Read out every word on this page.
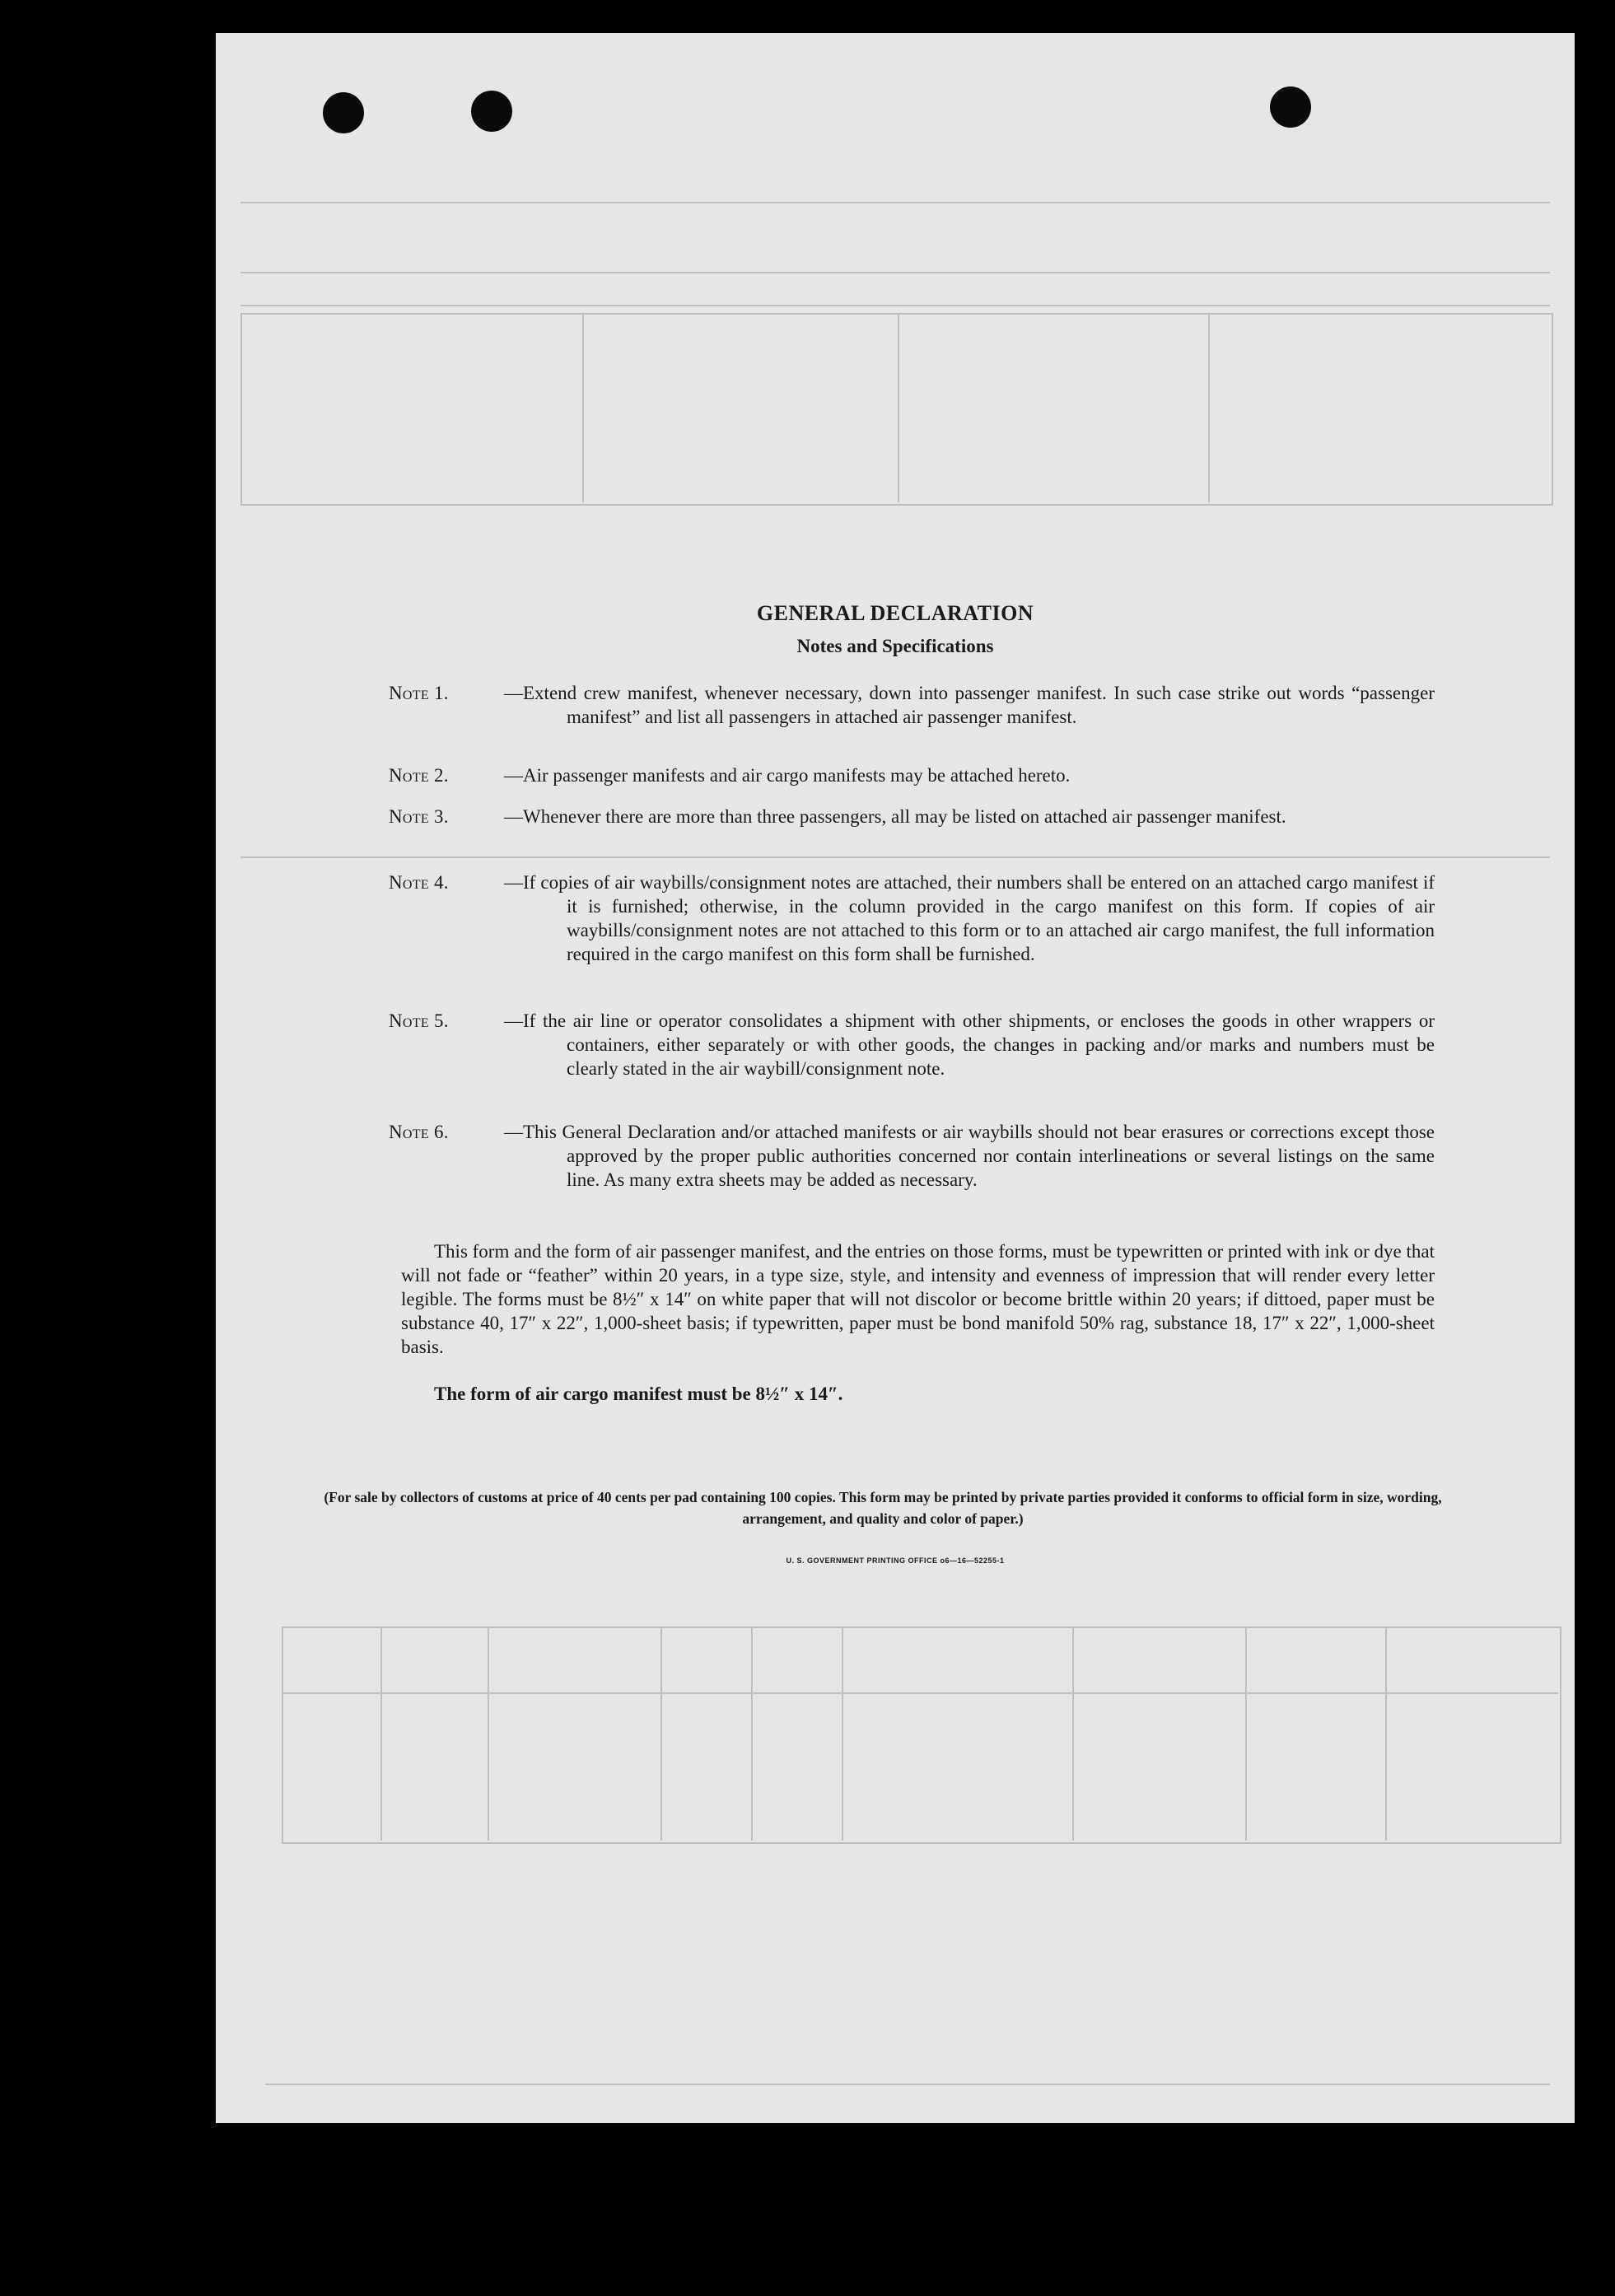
GENERAL DECLARATION
Notes and Specifications
Note 1.	—Extend crew manifest, whenever necessary, down into passenger manifest. In such case strike out words “passenger manifest” and list all passengers in attached air passenger manifest.
Note 2.	—Air passenger manifests and air cargo manifests may be attached hereto.
Note 3.	—Whenever there are more than three passengers, all may be listed on attached air passenger manifest.
Note 4.	—If copies of air waybills/consignment notes are attached, their numbers shall be entered on an attached cargo manifest if it is furnished; otherwise, in the column provided in the cargo manifest on this form. If copies of air waybills/consignment notes are not attached to this form or to an attached air cargo manifest, the full information required in the cargo manifest on this form shall be furnished.
Note 5.	—If the air line or operator consolidates a shipment with other shipments, or encloses the goods in other wrappers or containers, either separately or with other goods, the changes in packing and/or marks and numbers must be clearly stated in the air waybill/consignment note.
Note 6.	—This General Declaration and/or attached manifests or air waybills should not bear erasures or corrections except those approved by the proper public authorities concerned nor contain interlineations or several listings on the same line. As many extra sheets may be added as necessary.
This form and the form of air passenger manifest, and the entries on those forms, must be typewritten or printed with ink or dye that will not fade or “feather” within 20 years, in a type size, style, and intensity and evenness of impression that will render every letter legible. The forms must be 8½″ x 14″ on white paper that will not discolor or become brittle within 20 years; if dittoed, paper must be substance 40, 17″ x 22″, 1,000-sheet basis; if typewritten, paper must be bond manifold 50% rag, substance 18, 17″ x 22″, 1,000-sheet basis.
The form of air cargo manifest must be 8½″ x 14″.
(For sale by collectors of customs at price of 40 cents per pad containing 100 copies. This form may be printed by private parties provided it conforms to official form in size, wording, arrangement, and quality and color of paper.)
U. S. GOVERNMENT PRINTING OFFICE o6—16—52255-1
